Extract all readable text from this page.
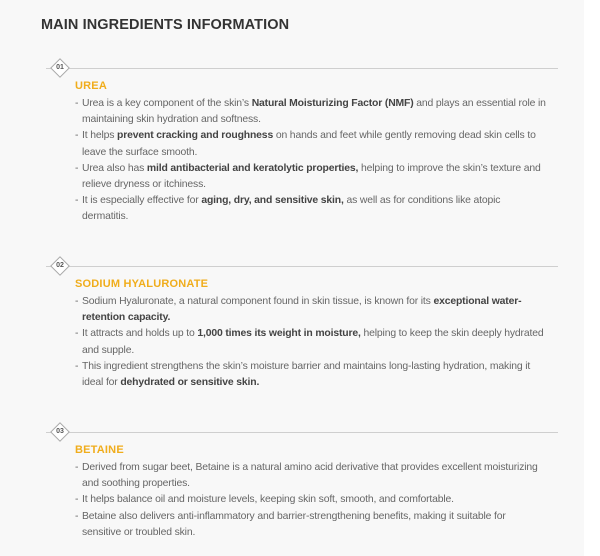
MAIN INGREDIENTS INFORMATION
01
UREA
- Urea is a key component of the skin’s Natural Moisturizing Factor (NMF) and plays an essential role in maintaining skin hydration and softness.
- It helps prevent cracking and roughness on hands and feet while gently removing dead skin cells to leave the surface smooth.
- Urea also has mild antibacterial and keratolytic properties, helping to improve the skin’s texture and relieve dryness or itchiness.
- It is especially effective for aging, dry, and sensitive skin, as well as for conditions like atopic dermatitis.
02
SODIUM HYALURONATE
- Sodium Hyaluronate, a natural component found in skin tissue, is known for its exceptional water-retention capacity.
- It attracts and holds up to 1,000 times its weight in moisture, helping to keep the skin deeply hydrated and supple.
- This ingredient strengthens the skin’s moisture barrier and maintains long-lasting hydration, making it ideal for dehydrated or sensitive skin.
03
BETAINE
- Derived from sugar beet, Betaine is a natural amino acid derivative that provides excellent moisturizing and soothing properties.
- It helps balance oil and moisture levels, keeping skin soft, smooth, and comfortable.
- Betaine also delivers anti-inflammatory and barrier-strengthening benefits, making it suitable for sensitive or troubled skin.
